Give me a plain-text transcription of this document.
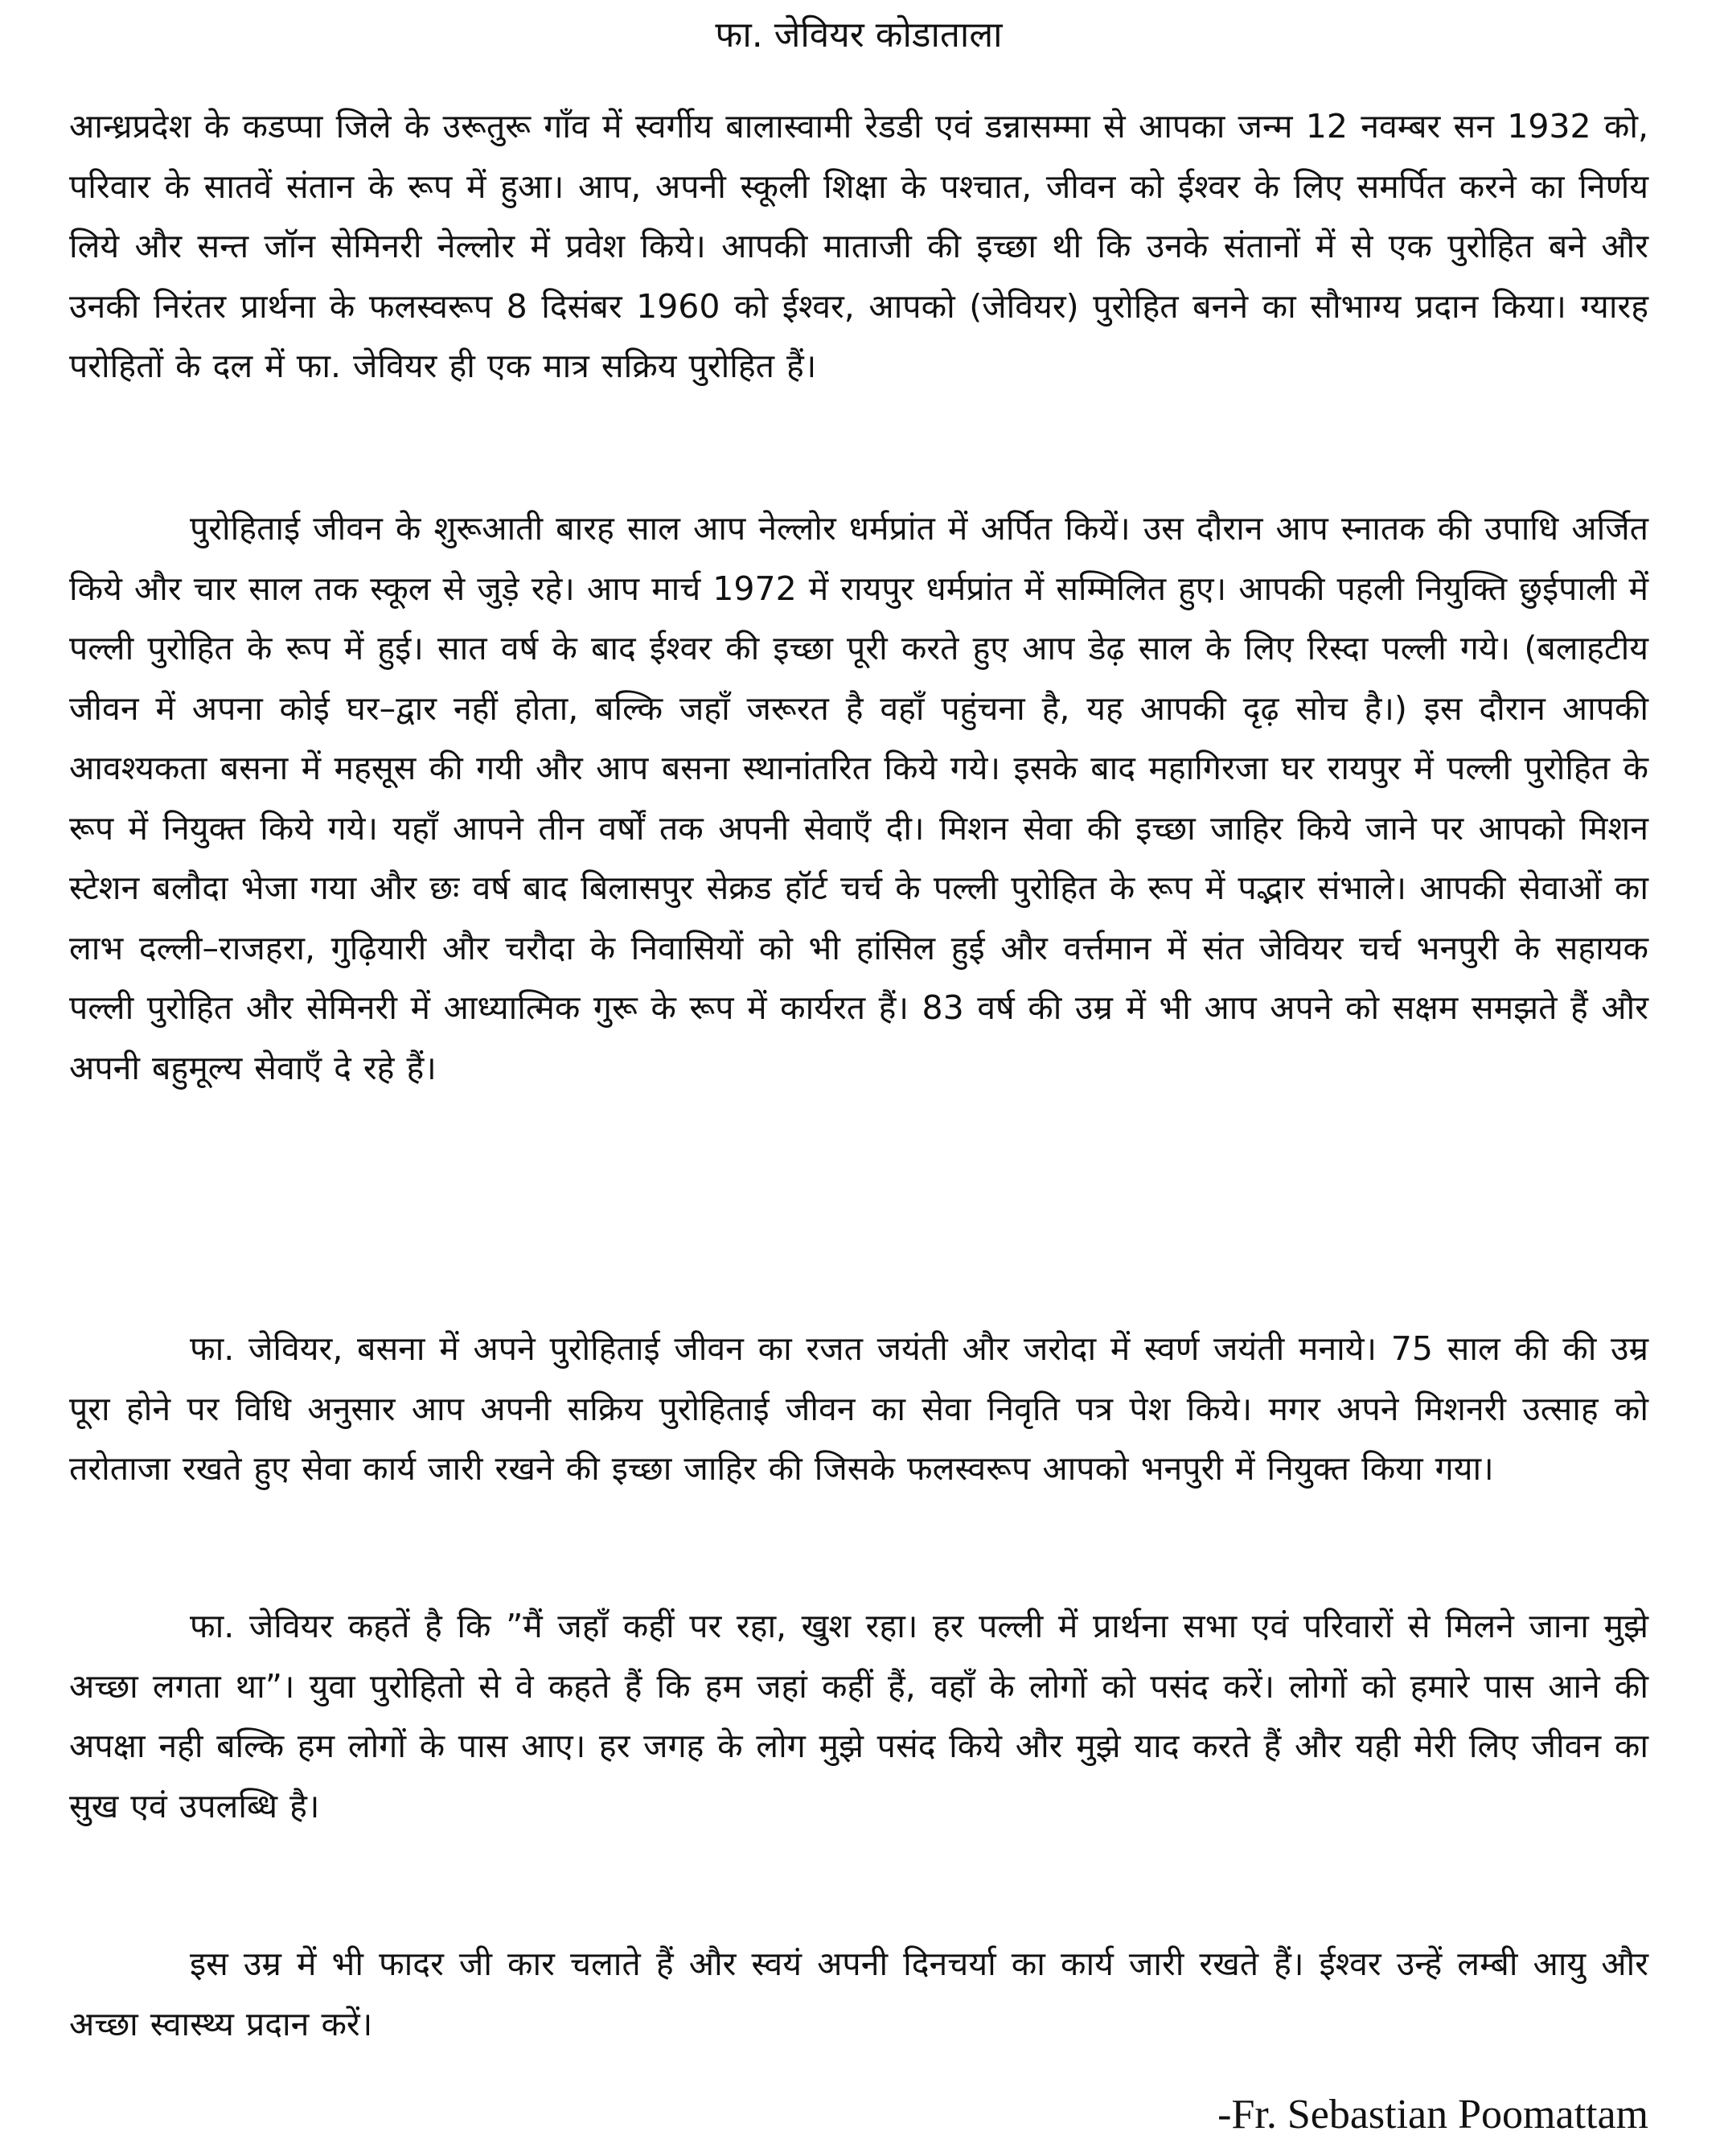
फा. जेवियर कोडाताला

आन्ध्रप्रदेश के कडप्पा जिले के उरूतुरू गाँव में स्वर्गीय बालास्वामी रेडडी एवं डन्नासम्मा से आपका जन्म 12 नवम्बर सन 1932 को, परिवार के सातवें संतान के रूप में हुआ। आप, अपनी स्कूली शिक्षा के पश्चात, जीवन को ईश्वर के लिए समर्पित करने का निर्णय लिये और सन्त जॉन सेमिनरी नेल्लोर में प्रवेश किये। आपकी माताजी की इच्छा थी कि उनके संतानों में से एक पुरोहित बने और उनकी निरंतर प्रार्थना के फलस्वरूप 8 दिसंबर 1960 को ईश्वर, आपको (जेवियर) पुरोहित बनने का सौभाग्य प्रदान किया। ग्यारह परोहितों के दल में फा. जेवियर ही एक मात्र सक्रिय पुरोहित हैं।

पुरोहिताई जीवन के शुरूआती बारह साल आप नेल्लोर धर्मप्रांत में अर्पित कियें। उस दौरान आप स्नातक की उपाधि अर्जित किये और चार साल तक स्कूल से जुड़े रहे। आप मार्च 1972 में रायपुर धर्मप्रांत में सम्मिलित हुए। आपकी पहली नियुक्ति छुईपाली में पल्ली पुरोहित के रूप में हुई। सात वर्ष के बाद ईश्वर की इच्छा पूरी करते हुए आप डेढ़ साल के लिए रिस्दा पल्ली गये। (बलाहटीय जीवन में अपना कोई घर–द्वार नहीं होता, बल्कि जहाँ जरूरत है वहाँ पहुंचना है, यह आपकी दृढ़ सोच है।) इस दौरान आपकी आवश्यकता बसना में महसूस की गयी और आप बसना स्थानांतरित किये गये। इसके बाद महागिरजा घर रायपुर में पल्ली पुरोहित के रूप में नियुक्त किये गये। यहाँ आपने तीन वर्षों तक अपनी सेवाएँ दी। मिशन सेवा की इच्छा जाहिर किये जाने पर आपको मिशन स्टेशन बलौदा भेजा गया और छः वर्ष बाद बिलासपुर सेक्रड हॉर्ट चर्च के पल्ली पुरोहित के रूप में पद्भार संभाले। आपकी सेवाओं का लाभ दल्ली–राजहरा, गुढ़ियारी और चरौदा के निवासियों को भी हांसिल हुई और वर्त्तमान में संत जेवियर चर्च भनपुरी के सहायक पल्ली पुरोहित और सेमिनरी में आध्यात्मिक गुरू के रूप में कार्यरत हैं। 83 वर्ष की उम्र में भी आप अपने को सक्षम समझते हैं और अपनी बहुमूल्य सेवाएँ दे रहे हैं।

फा. जेवियर, बसना में अपने पुरोहिताई जीवन का रजत जयंती और जरोदा में स्वर्ण जयंती मनाये। 75 साल की की उम्र पूरा होने पर विधि अनुसार आप अपनी सक्रिय पुरोहिताई जीवन का सेवा निवृति पत्र पेश किये। मगर अपने मिशनरी उत्साह को तरोताजा रखते हुए सेवा कार्य जारी रखने की इच्छा जाहिर की जिसके फलस्वरूप आपको भनपुरी में नियुक्त किया गया।

फा. जेवियर कहतें है कि ”मैं जहाँ कहीं पर रहा, खुश रहा। हर पल्ली में प्रार्थना सभा एवं परिवारों से मिलने जाना मुझे अच्छा लगता था”। युवा पुरोहितो से वे कहते हैं कि हम जहां कहीं हैं, वहाँ के लोगों को पसंद करें। लोगों को हमारे पास आने की अपक्षा नही बल्कि हम लोगों के पास आए। हर जगह के लोग मुझे पसंद किये और मुझे याद करते हैं और यही मेरी लिए जीवन का सुख एवं उपलब्धि है।

इस उम्र में भी फादर जी कार चलाते हैं और स्वयं अपनी दिनचर्या का कार्य जारी रखते हैं। ईश्वर उन्हें लम्बी आयु और अच्छा स्वास्थ्य प्रदान करें।

-Fr. Sebastian Poomattam
